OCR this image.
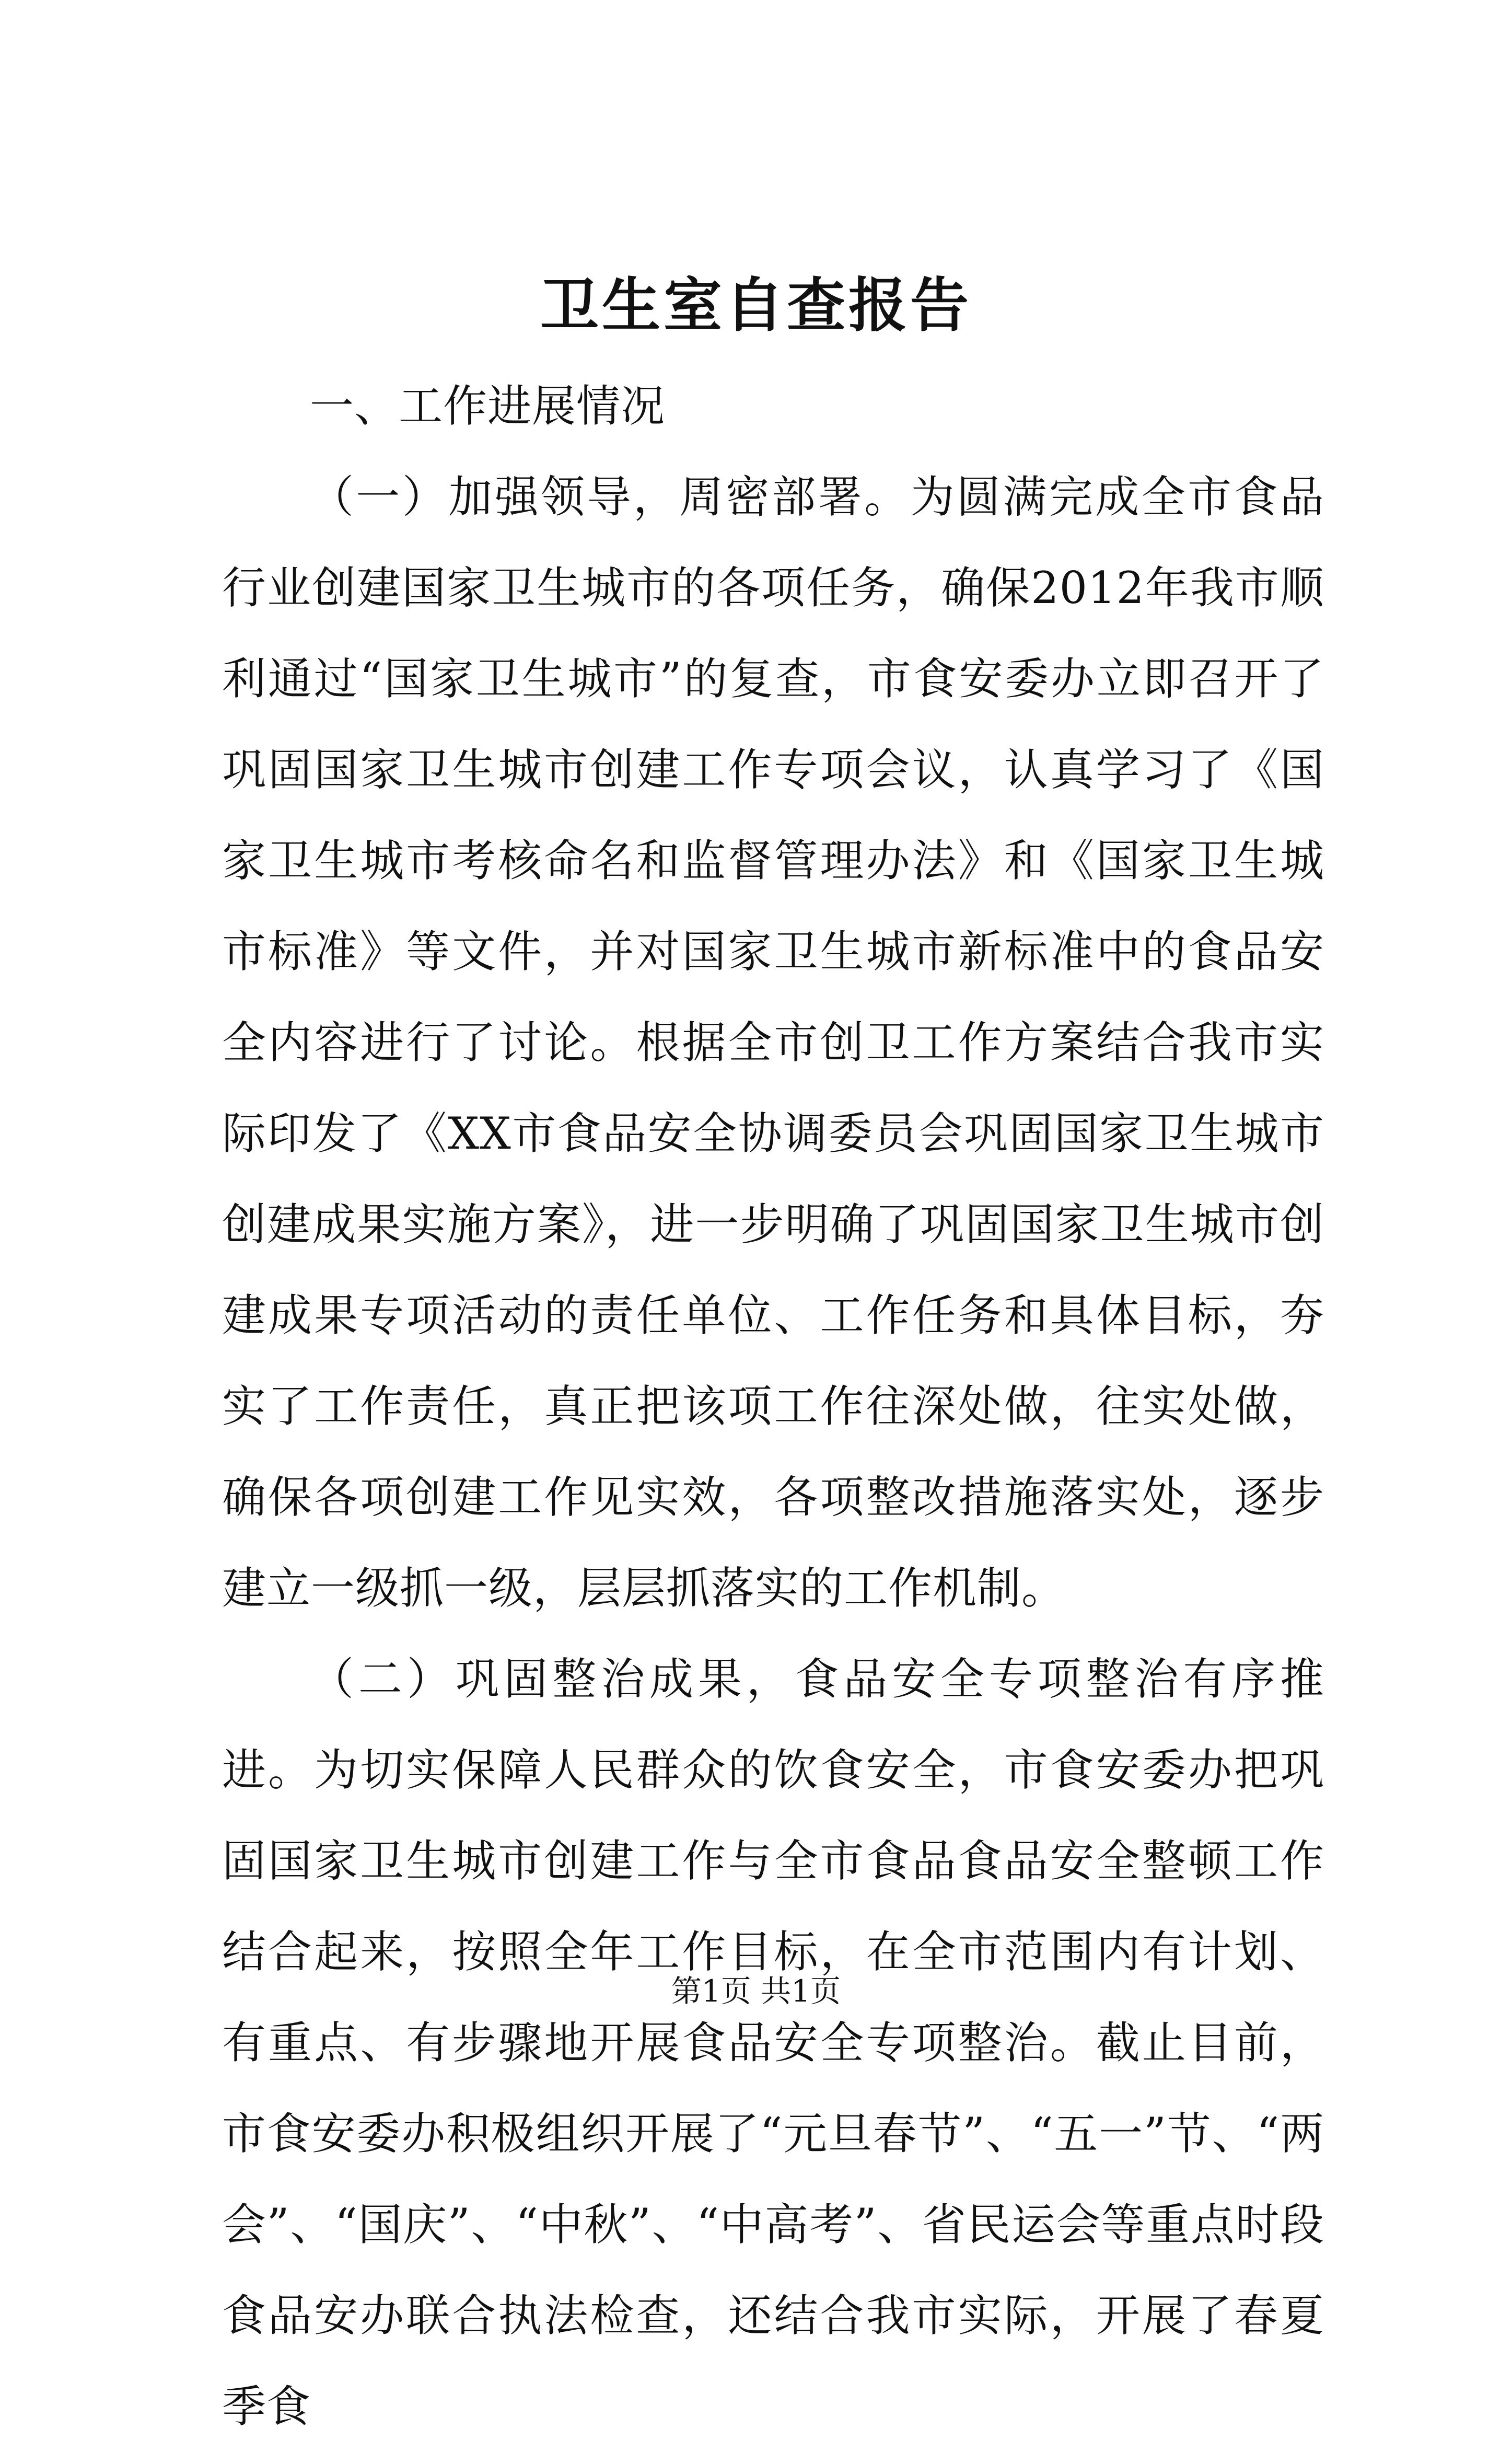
卫生室自查报告

一、工作进展情况

（一）加强领导，周密部署。为圆满完成全市食品行业创建国家卫生城市的各项任务，确保2012年我市顺利通过“国家卫生城市”的复查，市食安委办立即召开了巩固国家卫生城市创建工作专项会议，认真学习了《国家卫生城市考核命名和监督管理办法》和《国家卫生城市标准》等文件，并对国家卫生城市新标准中的食品安全内容进行了讨论。根据全市创卫工作方案结合我市实际印发了《XX市食品安全协调委员会巩固国家卫生城市创建成果实施方案》，进一步明确了巩固国家卫生城市创建成果专项活动的责任单位、工作任务和具体目标，夯实了工作责任，真正把该项工作往深处做，往实处做，确保各项创建工作见实效，各项整改措施落实处，逐步建立一级抓一级，层层抓落实的工作机制。

（二）巩固整治成果，食品安全专项整治有序推进。为切实保障人民群众的饮食安全，市食安委办把巩固国家卫生城市创建工作与全市食品食品安全整顿工作结合起来，按照全年工作目标，在全市范围内有计划、有重点、有步骤地开展食品安全专项整治。截止目前，市食安委办积极组织开展了“元旦春节”、“五一”节、“两会”、“国庆”、“中秋”、“中高考”、省民运会等重点时段食品安办联合执法检查，还结合我市实际，开展了春夏季食

第1页 共1页
